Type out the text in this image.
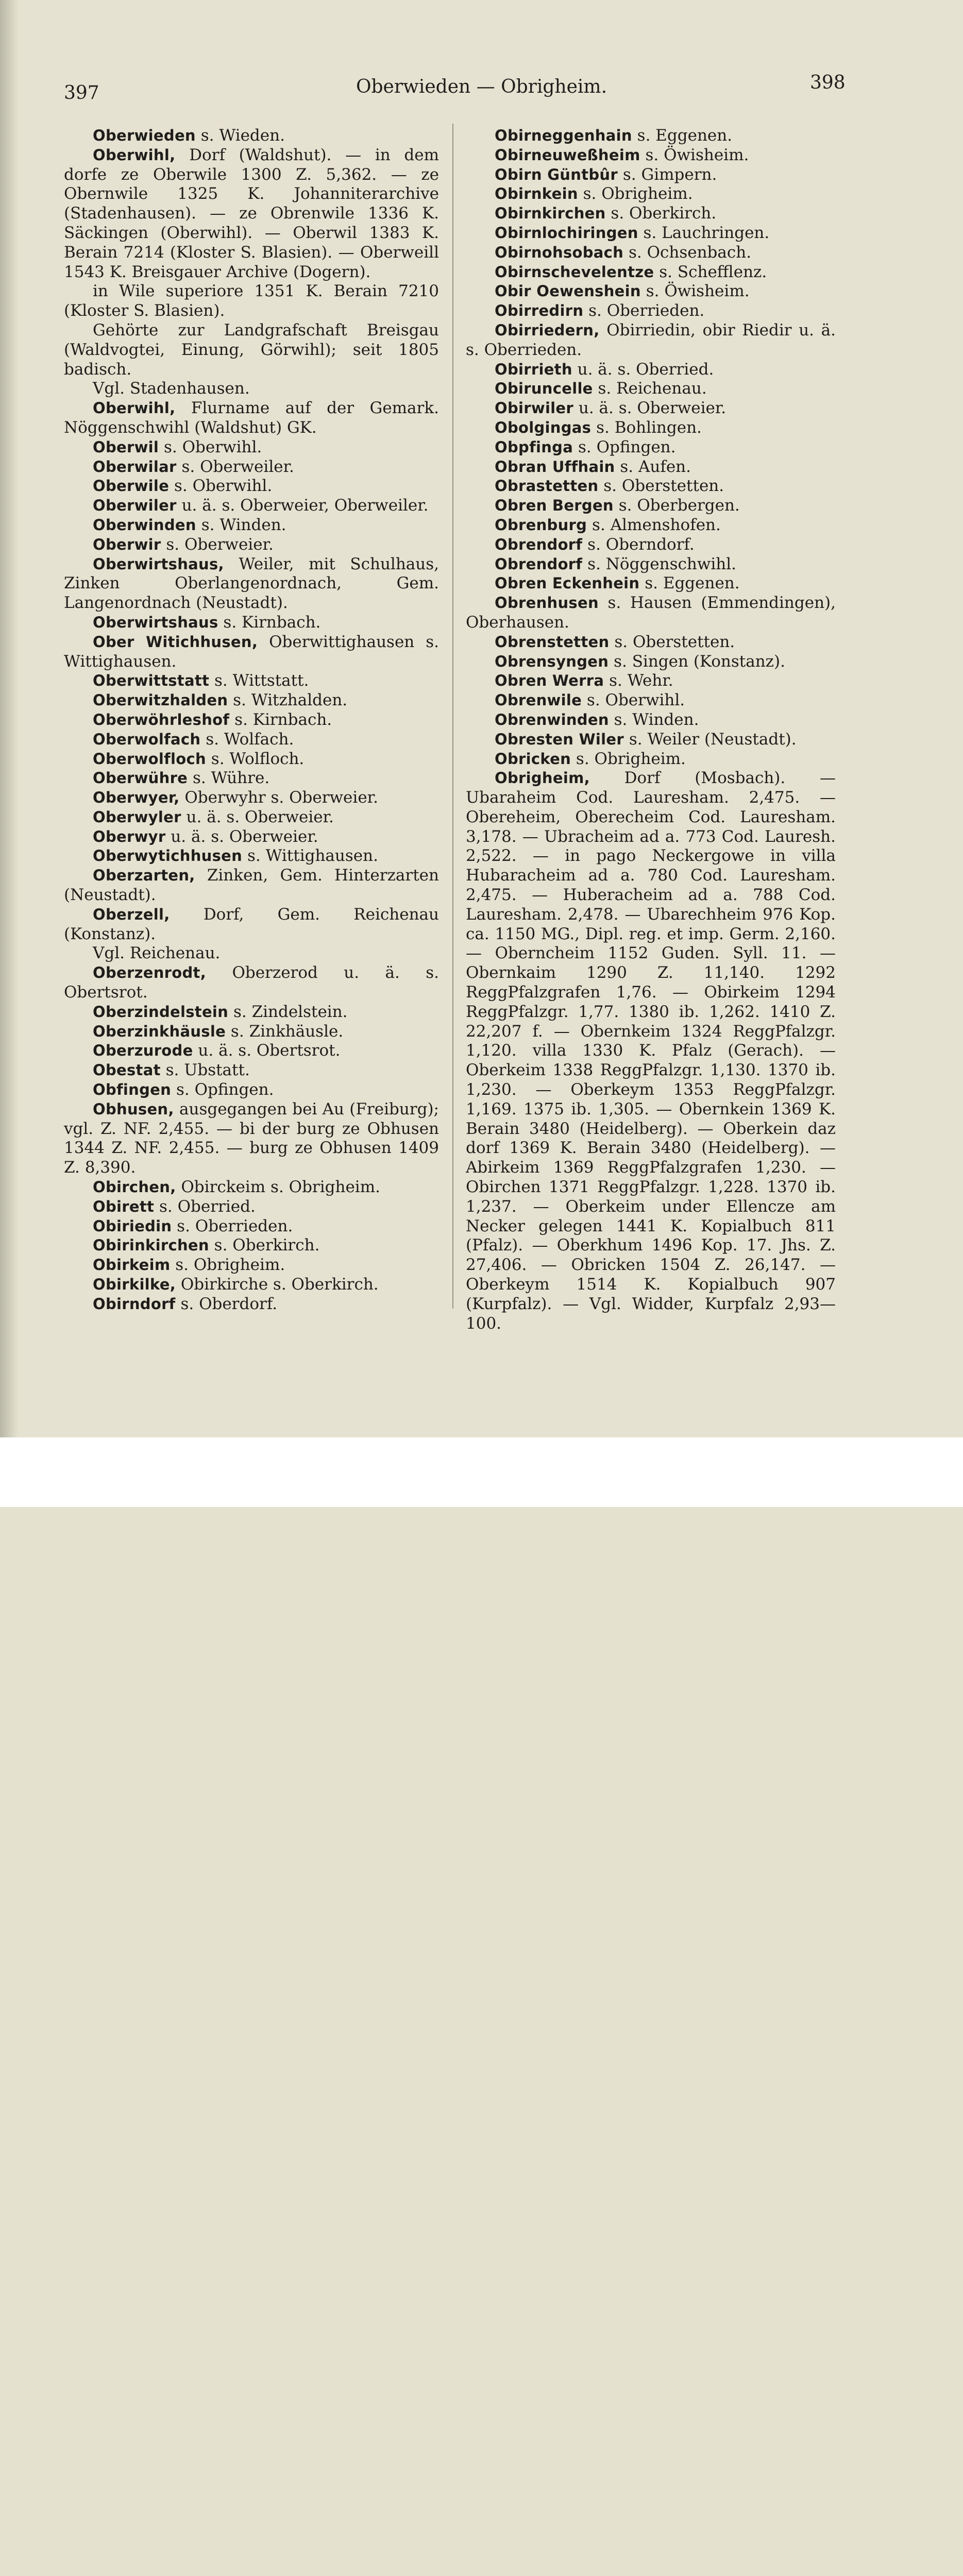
397	Oberwieden — Obrigheim.	398

Oberwieden s. Wieden.

Oberwihl, Dorf (Waldshut). — in dem dorfe ze Oberwile 1300 Z. 5,362. — ze Obernwile 1325 K. Johanniterarchive (Stadenhausen). — ze Obrenwile 1336 K. Säckingen (Oberwihl). — Oberwil 1383 K. Berain 7214 (Kloster S. Blasien). — Oberweill 1543 K. Breisgauer Archive (Dogern).

in Wile superiore 1351 K. Berain 7210 (Kloster S. Blasien).

Gehörte zur Landgrafschaft Breisgau (Waldvogtei, Einung, Görwihl); seit 1805 badisch.

Vgl. Stadenhausen.

Oberwihl, Flurname auf der Gemark. Nöggenschwihl (Waldshut) GK.

Oberwil s. Oberwihl.

Oberwilar s. Oberweiler.

Oberwile s. Oberwihl.

Oberwiler u. ä. s. Oberweier, Oberweiler.

Oberwinden s. Winden.

Oberwir s. Oberweier.

Oberwirtshaus, Weiler, mit Schulhaus, Zinken Oberlangenordnach, Gem. Langenordnach (Neustadt).

Oberwirtshaus s. Kirnbach.

Ober Witichhusen, Oberwittighausen s. Wittighausen.

Oberwittstatt s. Wittstatt.

Oberwitzhalden s. Witzhalden.

Oberwöhrleshof s. Kirnbach.

Oberwolfach s. Wolfach.

Oberwolfloch s. Wolfloch.

Oberwühre s. Wühre.

Oberwyer, Oberwyhr s. Oberweier.

Oberwyler u. ä. s. Oberweier.

Oberwyr u. ä. s. Oberweier.

Oberwytichhusen s. Wittighausen.

Oberzarten, Zinken, Gem. Hinterzarten (Neustadt).

Oberzell, Dorf, Gem. Reichenau (Konstanz).

Vgl. Reichenau.

Oberzenrodt, Oberzerod u. ä. s. Obertsrot.

Oberzindelstein s. Zindelstein.

Oberzinkhäusle s. Zinkhäusle.

Oberzurode u. ä. s. Obertsrot.

Obestat s. Ubstatt.

Obfingen s. Opfingen.

Obhusen, ausgegangen bei Au (Freiburg); vgl. Z. NF. 2,455. — bi der burg ze Obhusen 1344 Z. NF. 2,455. — burg ze Obhusen 1409 Z. 8,390.

Obirchen, Obirckeim s. Obrigheim.

Obirett s. Oberried.

Obiriedin s. Oberrieden.

Obirinkirchen s. Oberkirch.

Obirkeim s. Obrigheim.

Obirkilke, Obirkirche s. Oberkirch.

Obirndorf s. Oberdorf.

Obirneggenhain s. Eggenen.

Obirneuweßheim s. Öwisheim.

Obirn Güntbûr s. Gimpern.

Obirnkein s. Obrigheim.

Obirnkirchen s. Oberkirch.

Obirnlochiringen s. Lauchringen.

Obirnohsobach s. Ochsenbach.

Obirnschevelentze s. Schefflenz.

Obir Oewenshein s. Öwisheim.

Obirredirn s. Oberrieden.

Obirriedern, Obirriedin, obir Riedir u. ä. s. Oberrieden.

Obirrieth u. ä. s. Oberried.

Obiruncelle s. Reichenau.

Obirwiler u. ä. s. Oberweier.

Obolgingas s. Bohlingen.

Obpfinga s. Opfingen.

Obran Uffhain s. Aufen.

Obrastetten s. Oberstetten.

Obren Bergen s. Oberbergen.

Obrenburg s. Almenshofen.

Obrendorf s. Oberndorf.

Obrendorf s. Nöggenschwihl.

Obren Eckenhein s. Eggenen.

Obrenhusen s. Hausen (Emmendingen), Oberhausen.

Obrenstetten s. Oberstetten.

Obrensyngen s. Singen (Konstanz).

Obren Werra s. Wehr.

Obrenwile s. Oberwihl.

Obrenwinden s. Winden.

Obresten Wiler s. Weiler (Neustadt).

Obricken s. Obrigheim.

Obrigheim, Dorf (Mosbach). — Ubaraheim Cod. Lauresham. 2,475. — Obereheim, Oberecheim Cod. Lauresham. 3,178. — Ubracheim ad a. 773 Cod. Lauresh. 2,522. — in pago Neckergowe in villa Hubaracheim ad a. 780 Cod. Lauresham. 2,475. — Huberacheim ad a. 788 Cod. Lauresham. 2,478. — Ubarechheim 976 Kop. ca. 1150 MG., Dipl. reg. et imp. Germ. 2,160. — Oberncheim 1152 Guden. Syll. 11. — Obernkaim 1290 Z. 11,140. 1292 ReggPfalzgrafen 1,76. — Obirkeim 1294 ReggPfalzgr. 1,77. 1380 ib. 1,262. 1410 Z. 22,207 f. — Obernkeim 1324 ReggPfalzgr. 1,120. villa 1330 K. Pfalz (Gerach). — Oberkeim 1338 ReggPfalzgr. 1,130. 1370 ib. 1,230. — Oberkeym 1353 ReggPfalzgr. 1,169. 1375 ib. 1,305. — Obernkein 1369 K. Berain 3480 (Heidelberg). — Oberkein daz dorf 1369 K. Berain 3480 (Heidelberg). — Abirkeim 1369 ReggPfalzgrafen 1,230. — Obirchen 1371 ReggPfalzgr. 1,228. 1370 ib. 1,237. — Oberkeim under Ellencze am Necker gelegen 1441 K. Kopialbuch 811 (Pfalz). — Oberkhum 1496 Kop. 17. Jhs. Z. 27,406. — Obricken 1504 Z. 26,147. — Oberkeym 1514 K. Kopialbuch 907 (Kurpfalz). — Vgl. Widder, Kurpfalz 2,93—100.
